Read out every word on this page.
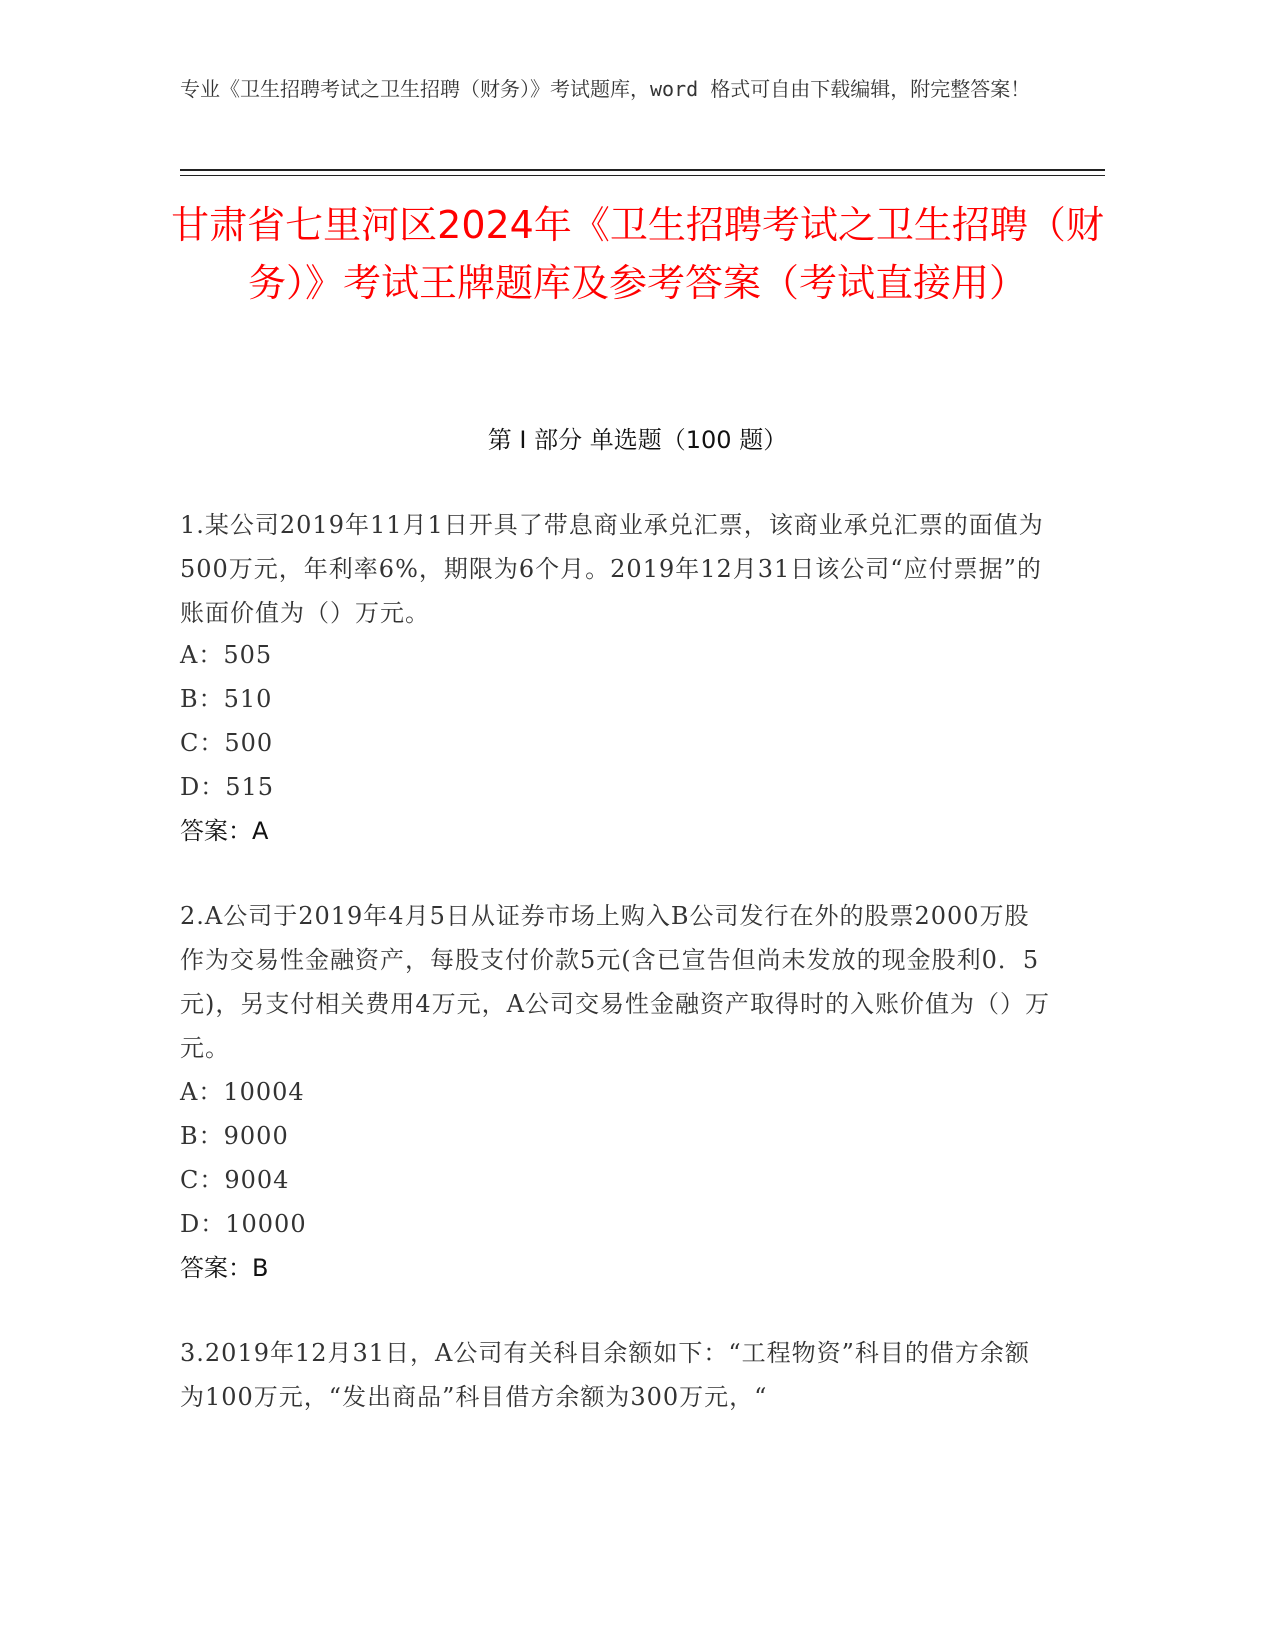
专业《卫生招聘考试之卫生招聘（财务）》考试题库，word 格式可自由下载编辑，附完整答案！
甘肃省七里河区2024年《卫生招聘考试之卫生招聘（财务）》考试王牌题库及参考答案（考试直接用）
第 I 部分 单选题（100 题）
1.某公司2019年11月1日开具了带息商业承兑汇票，该商业承兑汇票的面值为500万元，年利率6%，期限为6个月。2019年12月31日该公司“应付票据”的账面价值为（）万元。
A：505
B：510
C：500
D：515
答案：A
2.A公司于2019年4月5日从证券市场上购入B公司发行在外的股票2000万股作为交易性金融资产，每股支付价款5元(含已宣告但尚未发放的现金股利0．5元)，另支付相关费用4万元，A公司交易性金融资产取得时的入账价值为（）万元。
A：10004
B：9000
C：9004
D：10000
答案：B
3.2019年12月31日，A公司有关科目余额如下：“工程物资”科目的借方余额为100万元，“发出商品”科目借方余额为300万元，“
